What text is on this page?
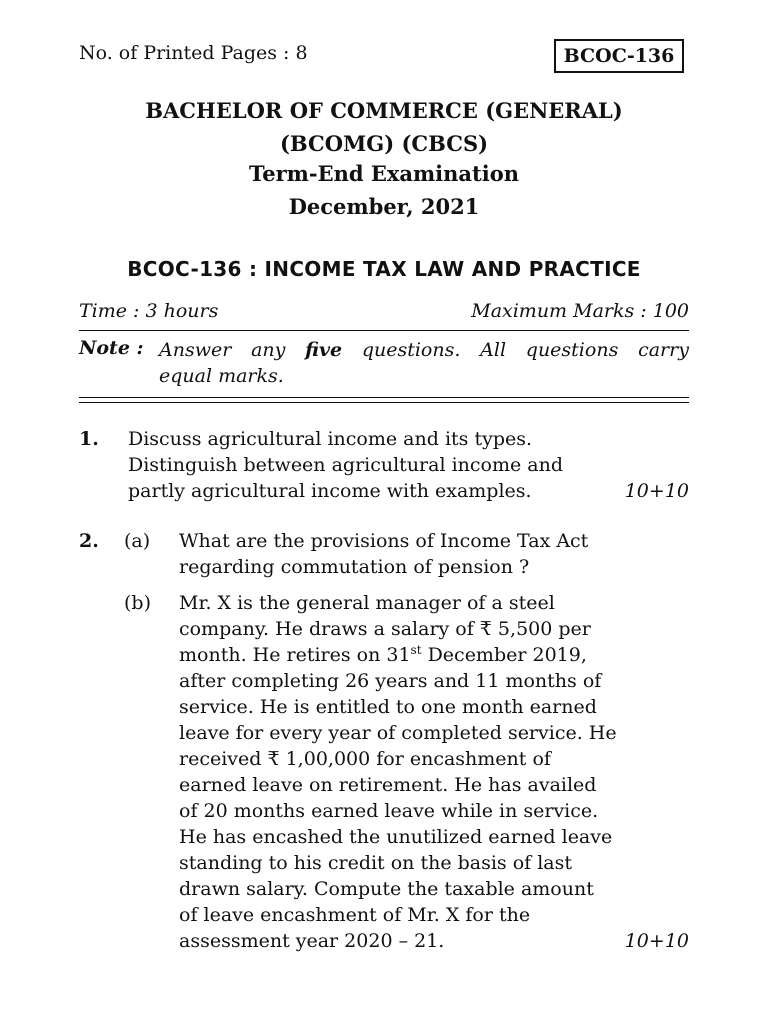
No. of Printed Pages : 8	BCOC-136
BACHELOR OF COMMERCE (GENERAL)
(BCOMG) (CBCS)
Term-End Examination
December, 2021
BCOC-136 : INCOME TAX LAW AND PRACTICE
Time : 3 hours	Maximum Marks : 100
Note : Answer any five questions. All questions carry
equal marks.
1. Discuss agricultural income and its types.
Distinguish between agricultural income and
partly agricultural income with examples.	10+10
2. (a) What are the provisions of Income Tax Act
regarding commutation of pension ?
(b) Mr. X is the general manager of a steel
company. He draws a salary of ₹ 5,500 per
month. He retires on 31st December 2019,
after completing 26 years and 11 months of
service. He is entitled to one month earned
leave for every year of completed service. He
received ₹ 1,00,000 for encashment of
earned leave on retirement. He has availed
of 20 months earned leave while in service.
He has encashed the unutilized earned leave
standing to his credit on the basis of last
drawn salary. Compute the taxable amount
of leave encashment of Mr. X for the
assessment year 2020 – 21.	10+10
